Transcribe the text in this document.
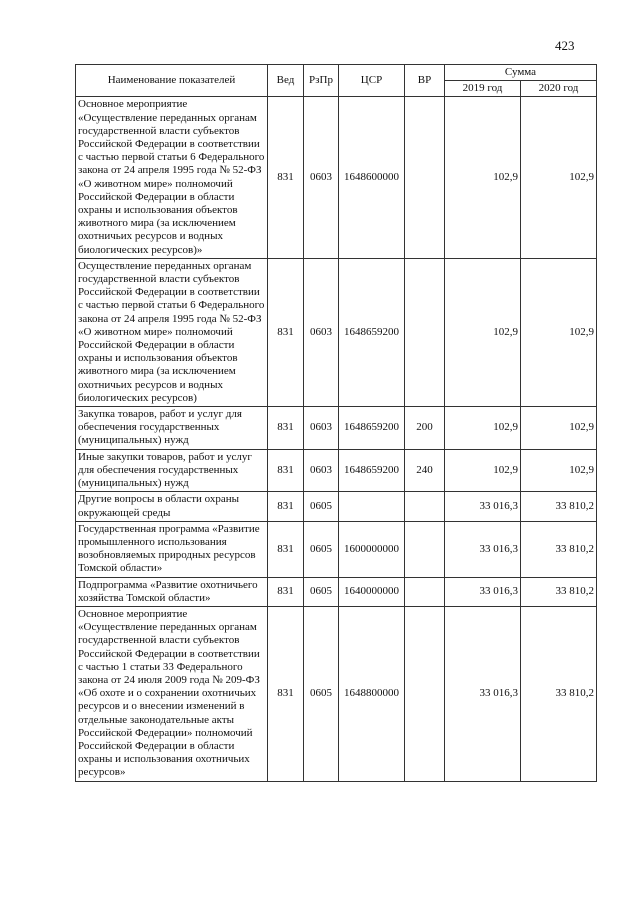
423
Наименование показателей	Вед	РзПр	ЦСР	ВР	Сумма	
					2019 год	2020 год
Основное мероприятие «Осуществление переданных органам государственной власти субъектов Российской Федерации в соответствии с частью первой статьи 6 Федерального закона от 24 апреля 1995 года № 52-ФЗ «О животном мире» полномочий Российской Федерации в области охраны и использования объектов животного мира (за исключением охотничьих ресурсов и водных биологических ресурсов)»	831	0603	1648600000		102,9	102,9
Осуществление переданных органам государственной власти субъектов Российской Федерации в соответствии с частью первой статьи 6 Федерального закона от 24 апреля 1995 года № 52-ФЗ «О животном мире» полномочий Российской Федерации в области охраны и использования объектов животного мира (за исключением охотничьих ресурсов и водных биологических ресурсов)	831	0603	1648659200		102,9	102,9
Закупка товаров, работ и услуг для обеспечения государственных (муниципальных) нужд	831	0603	1648659200	200	102,9	102,9
Иные закупки товаров, работ и услуг для обеспечения государственных (муниципальных) нужд	831	0603	1648659200	240	102,9	102,9
Другие вопросы в области охраны окружающей среды	831	0605			33 016,3	33 810,2
Государственная программа «Развитие промышленного использования возобновляемых природных ресурсов Томской области»	831	0605	1600000000		33 016,3	33 810,2
Подпрограмма «Развитие охотничьего хозяйства Томской области»	831	0605	1640000000		33 016,3	33 810,2
Основное мероприятие «Осуществление переданных органам государственной власти субъектов Российской Федерации в соответствии с частью 1 статьи 33 Федерального закона от 24 июля 2009 года № 209-ФЗ «Об охоте и о сохранении охотничьих ресурсов и о внесении изменений в отдельные законодательные акты Российской Федерации» полномочий Российской Федерации в области охраны и использования охотничьих ресурсов»	831	0605	1648800000		33 016,3	33 810,2
